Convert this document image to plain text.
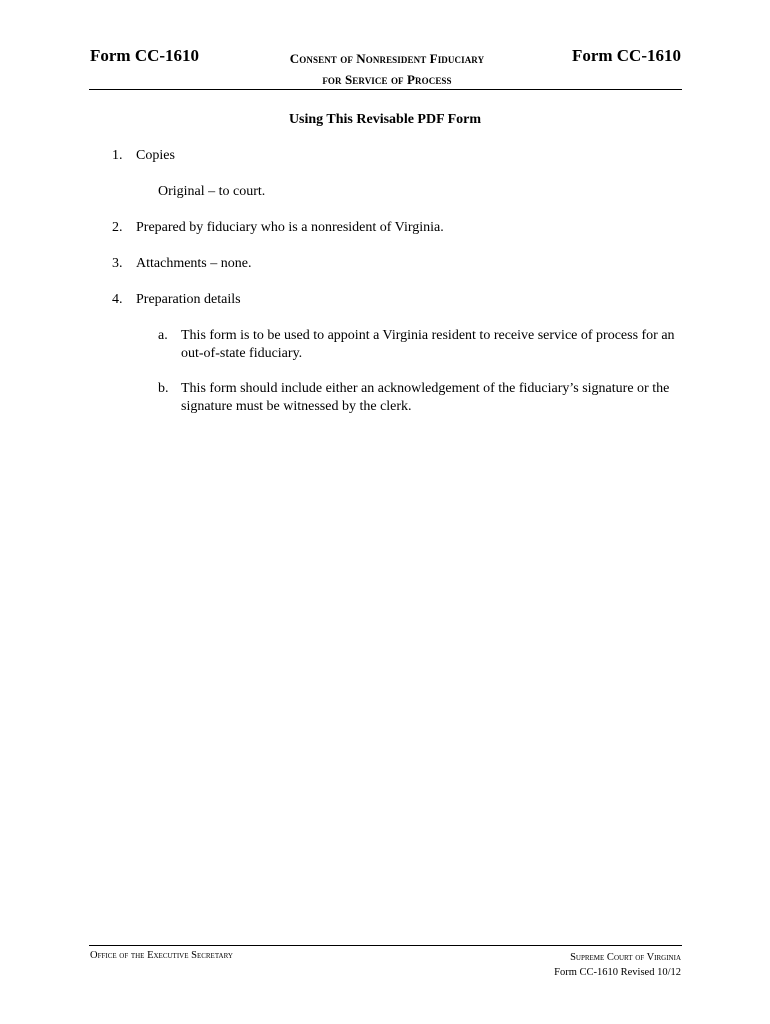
Form CC-1610	Consent of Nonresident Fiduciary
for Service of Process
Form CC-1610
Using This Revisable PDF Form
1. Copies
Original – to court.
2. Prepared by fiduciary who is a nonresident of Virginia.
3. Attachments – none.
4. Preparation details
a. This form is to be used to appoint a Virginia resident to receive service of process for an out-of-state fiduciary.
b. This form should include either an acknowledgement of the fiduciary’s signature or the signature must be witnessed by the clerk.
Office of the Executive Secretary	Supreme Court of Virginia
Form CC-1610 Revised 10/12
